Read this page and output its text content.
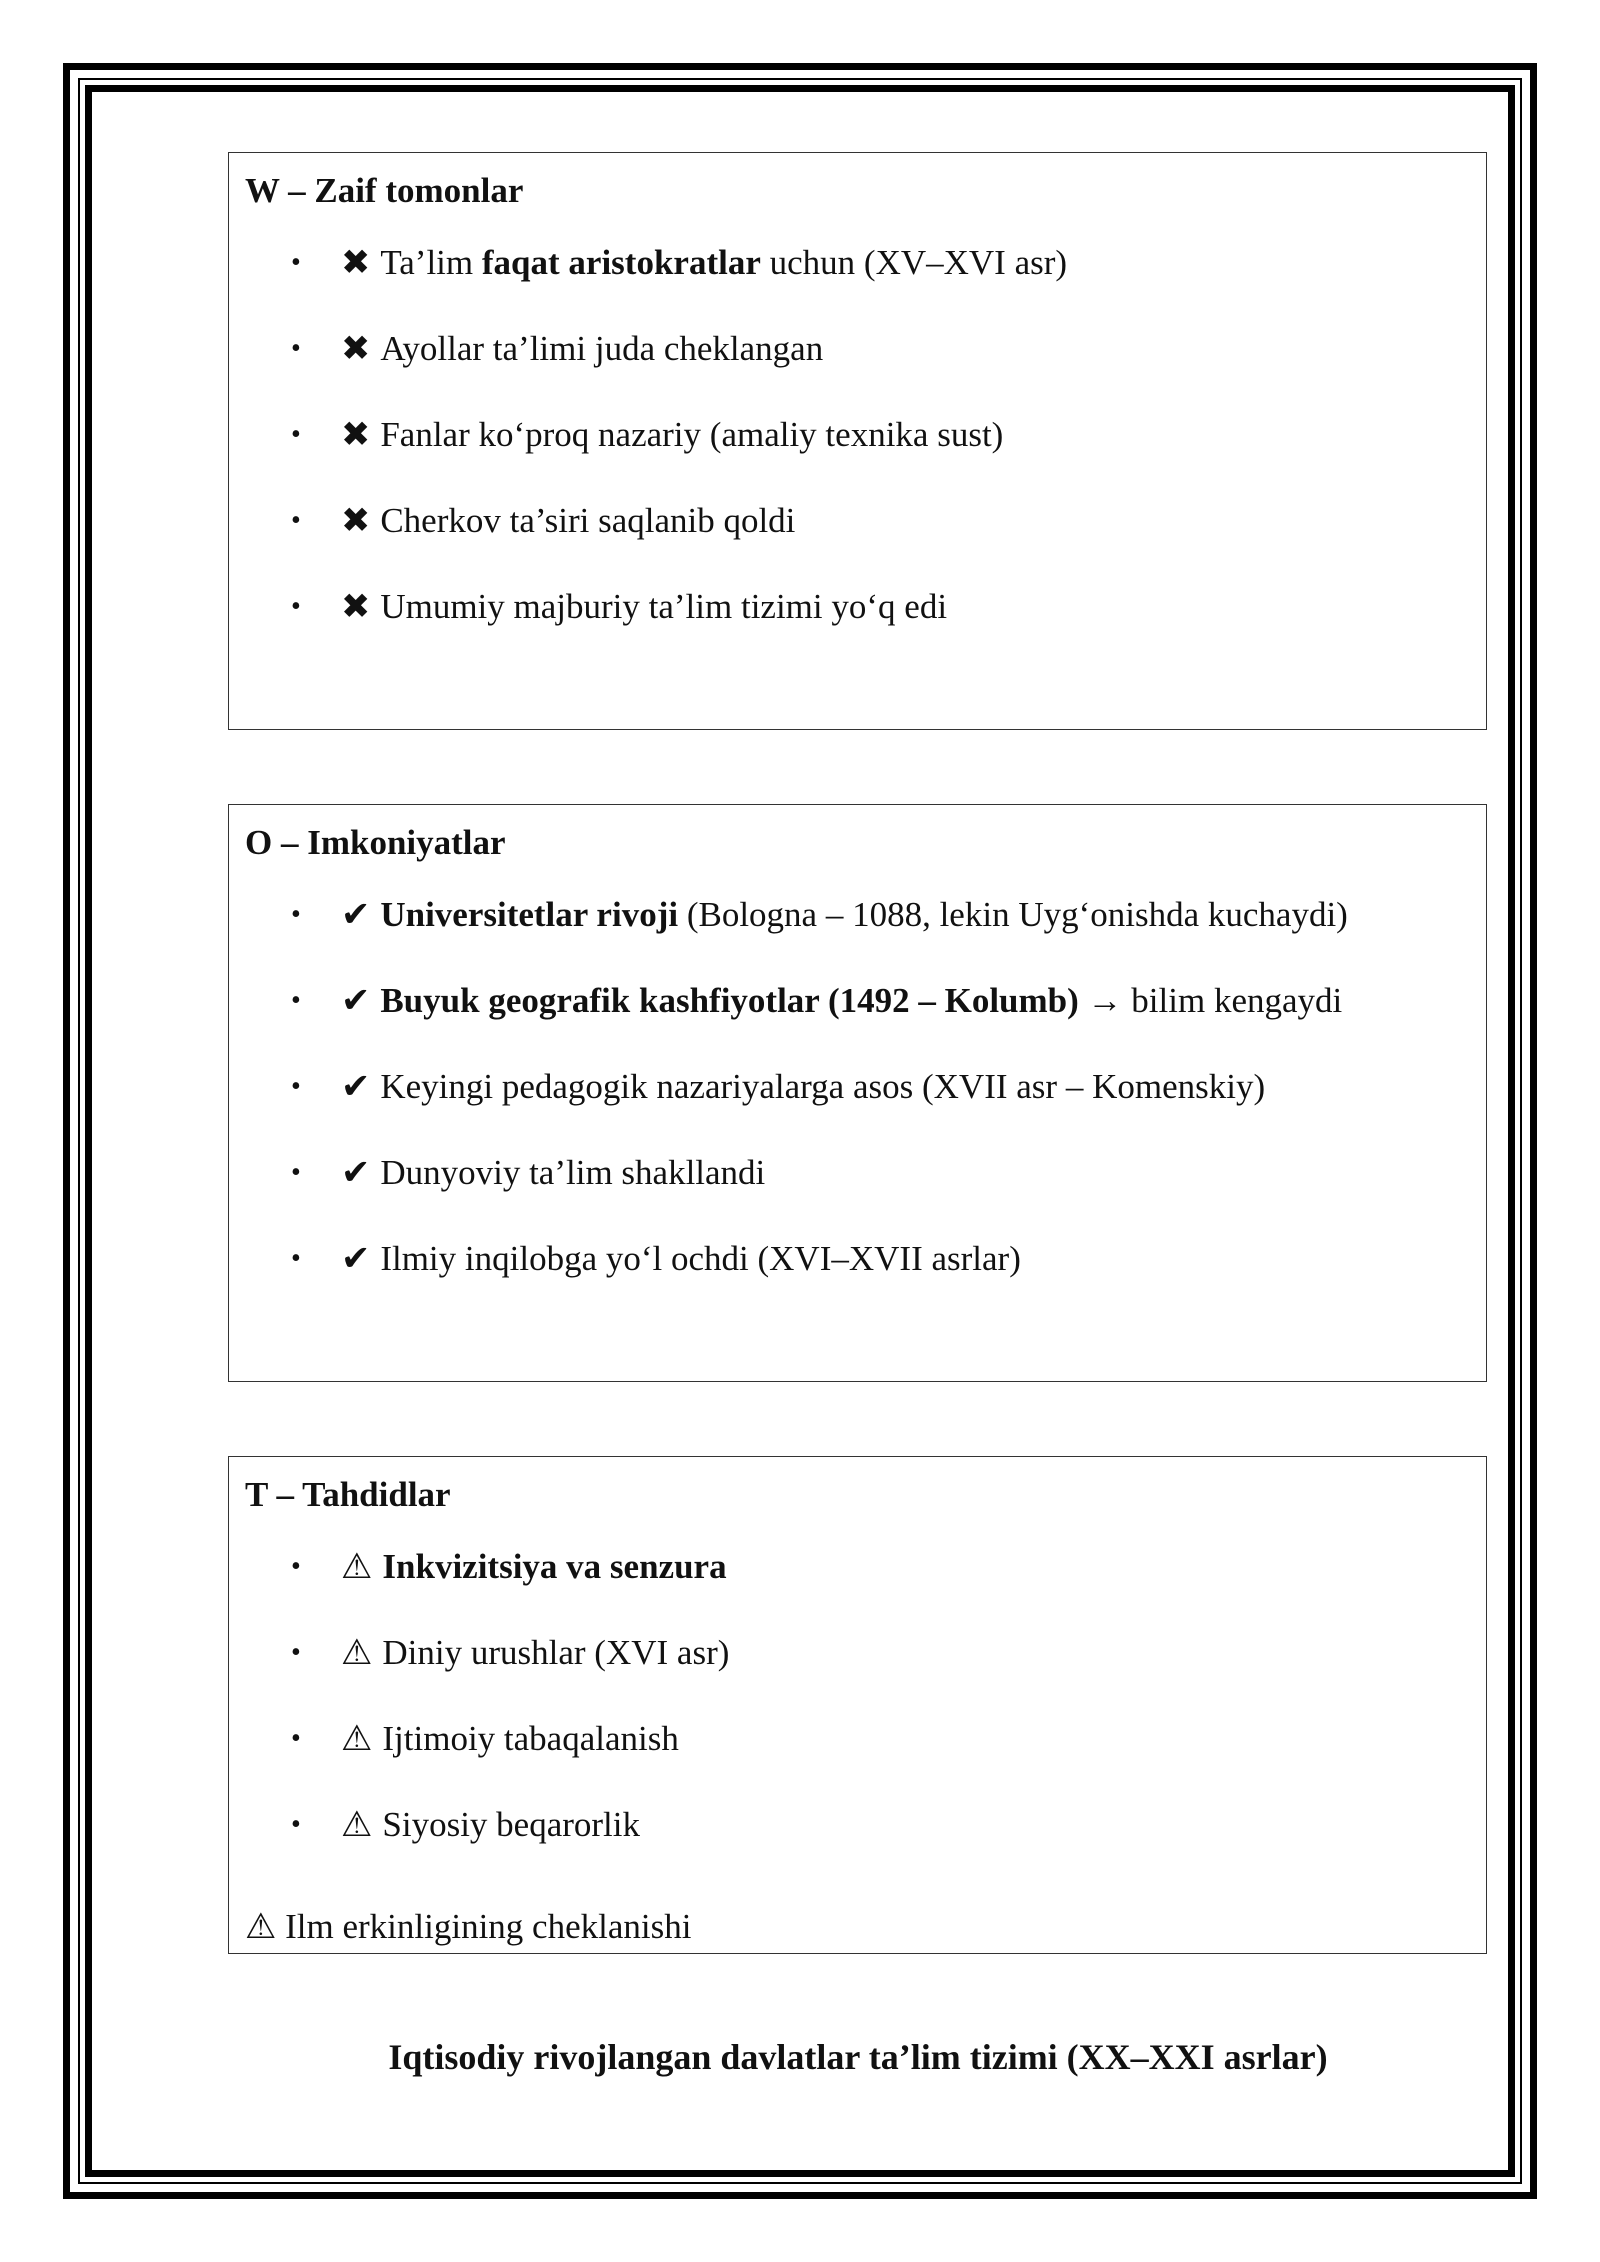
W – Zaif tomonlar
• ✖ Ta’lim faqat aristokratlar uchun (XV–XVI asr)
• ✖ Ayollar ta’limi juda cheklangan
• ✖ Fanlar ko‘proq nazariy (amaliy texnika sust)
• ✖ Cherkov ta’siri saqlanib qoldi
• ✖ Umumiy majburiy ta’lim tizimi yo‘q edi
O – Imkoniyatlar
• ✔ Universitetlar rivoji (Bologna – 1088, lekin Uyg‘onishda kuchaydi)
• ✔ Buyuk geografik kashfiyotlar (1492 – Kolumb) → bilim kengaydi
• ✔ Keyingi pedagogik nazariyalarga asos (XVII asr – Komenskiy)
• ✔ Dunyoviy ta’lim shakllandi
• ✔ Ilmiy inqilobga yo‘l ochdi (XVI–XVII asrlar)
T – Tahdidlar
• ⚠ Inkvizitsiya va senzura
• ⚠ Diniy urushlar (XVI asr)
• ⚠ Ijtimoiy tabaqalanish
• ⚠ Siyosiy beqarorlik
⚠ Ilm erkinligining cheklanishi
Iqtisodiy rivojlangan davlatlar ta’lim tizimi (XX–XXI asrlar)
